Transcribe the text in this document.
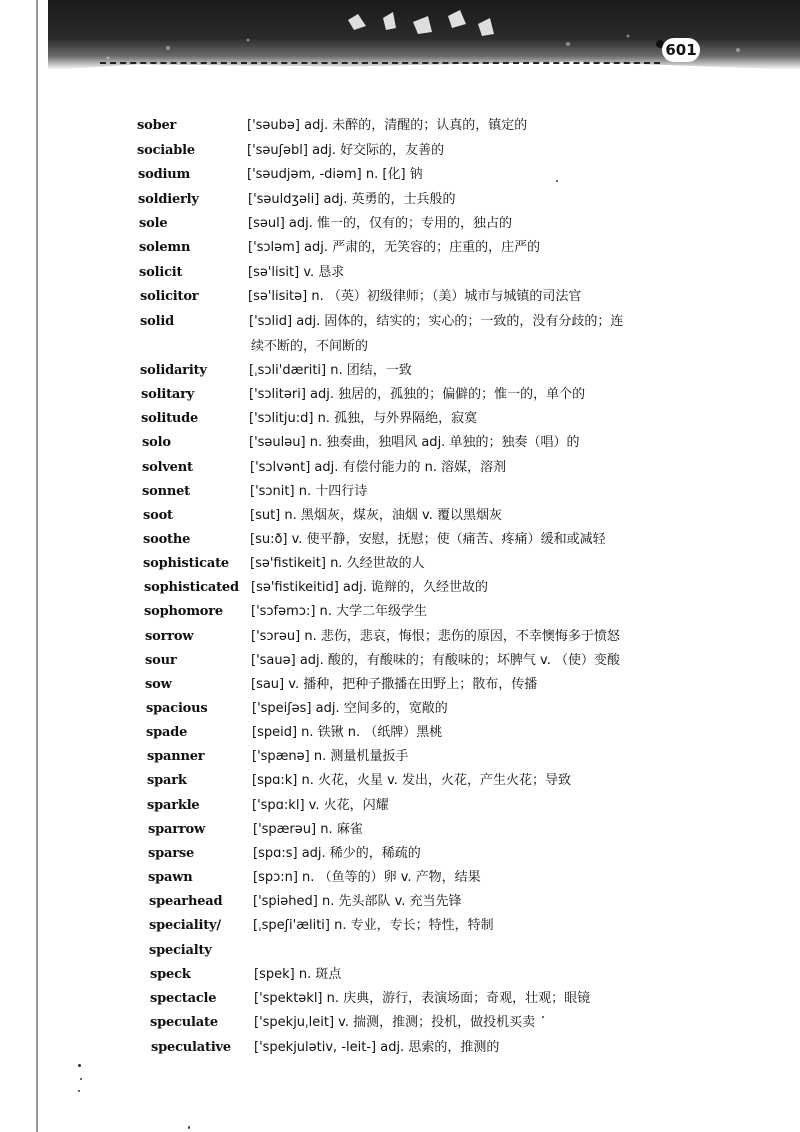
601
sober	['səubə] adj. 未醉的，清醒的；认真的，镇定的
sociable	['səuʃəbl] adj. 好交际的，友善的
sodium	['səudjəm, -diəm] n. [化] 钠
soldierly	['səuldʒəli] adj. 英勇的，士兵般的
sole	[səul] adj. 惟一的，仅有的；专用的，独占的
solemn	['sɔləm] adj. 严肃的，无笑容的；庄重的，庄严的
solicit	[sə'lisit] v. 恳求
solicitor	[sə'lisitə] n. （英）初级律师；（美）城市与城镇的司法官
solid	['sɔlid] adj. 固体的，结实的；实心的；一致的，没有分歧的；连
续不断的，不间断的
solidarity	[ˌsɔli'dæriti] n. 团结，一致
solitary	['sɔlitəri] adj. 独居的，孤独的；偏僻的；惟一的，单个的
solitude	['sɔlitju:d] n. 孤独，与外界隔绝，寂寞
solo	['səuləu] n. 独奏曲，独唱风 adj. 单独的；独奏（唱）的
solvent	['sɔlvənt] adj. 有偿付能力的 n. 溶媒，溶剂
sonnet	['sɔnit] n. 十四行诗
soot	[sut] n. 黑烟灰，煤灰，油烟 v. 覆以黑烟灰
soothe	[su:ð] v. 使平静，安慰，抚慰；使（痛苦、疼痛）缓和或减轻
sophisticate [sə'fistikeit] n. 久经世故的人
sophisticated [sə'fistikeitid] adj. 诡辩的，久经世故的
sophomore ['sɔfəmɔ:] n. 大学二年级学生
sorrow	['sɔrəu] n. 悲伤，悲哀，悔恨；悲伤的原因，不幸懊悔多于愤怒
sour	['sauə] adj. 酸的，有酸味的；有酸味的；坏脾气 v. （使）变酸
sow	[sau] v. 播种，把种子撒播在田野上；散布，传播
spacious	['speiʃəs] adj. 空间多的，宽敞的
spade	[speid] n. 铁锹 n. （纸牌）黑桃
spanner	['spænə] n. 测量机量扳手
spark	[spɑ:k] n. 火花，火星 v. 发出，火花，产生火花；导致
sparkle	['spɑ:kl] v. 火花，闪耀
sparrow	['spærəu] n. 麻雀
sparse	[spɑ:s] adj. 稀少的，稀疏的
spawn	[spɔ:n] n. （鱼等的）卵 v. 产物，结果
spearhead ['spiəhed] n. 先头部队 v. 充当先锋
speciality/ [ˌspeʃi'æliti] n. 专业，专长；特性，特制
specialty
speck	[spek] n. 斑点
spectacle	['spektəkl] n. 庆典，游行，表演场面；奇观，壮观；眼镜
speculate	['spekjuˌleit] v. 揣测，推测；投机，做投机买卖
speculative ['spekjulətiv, -leit-] adj. 思索的，推测的
